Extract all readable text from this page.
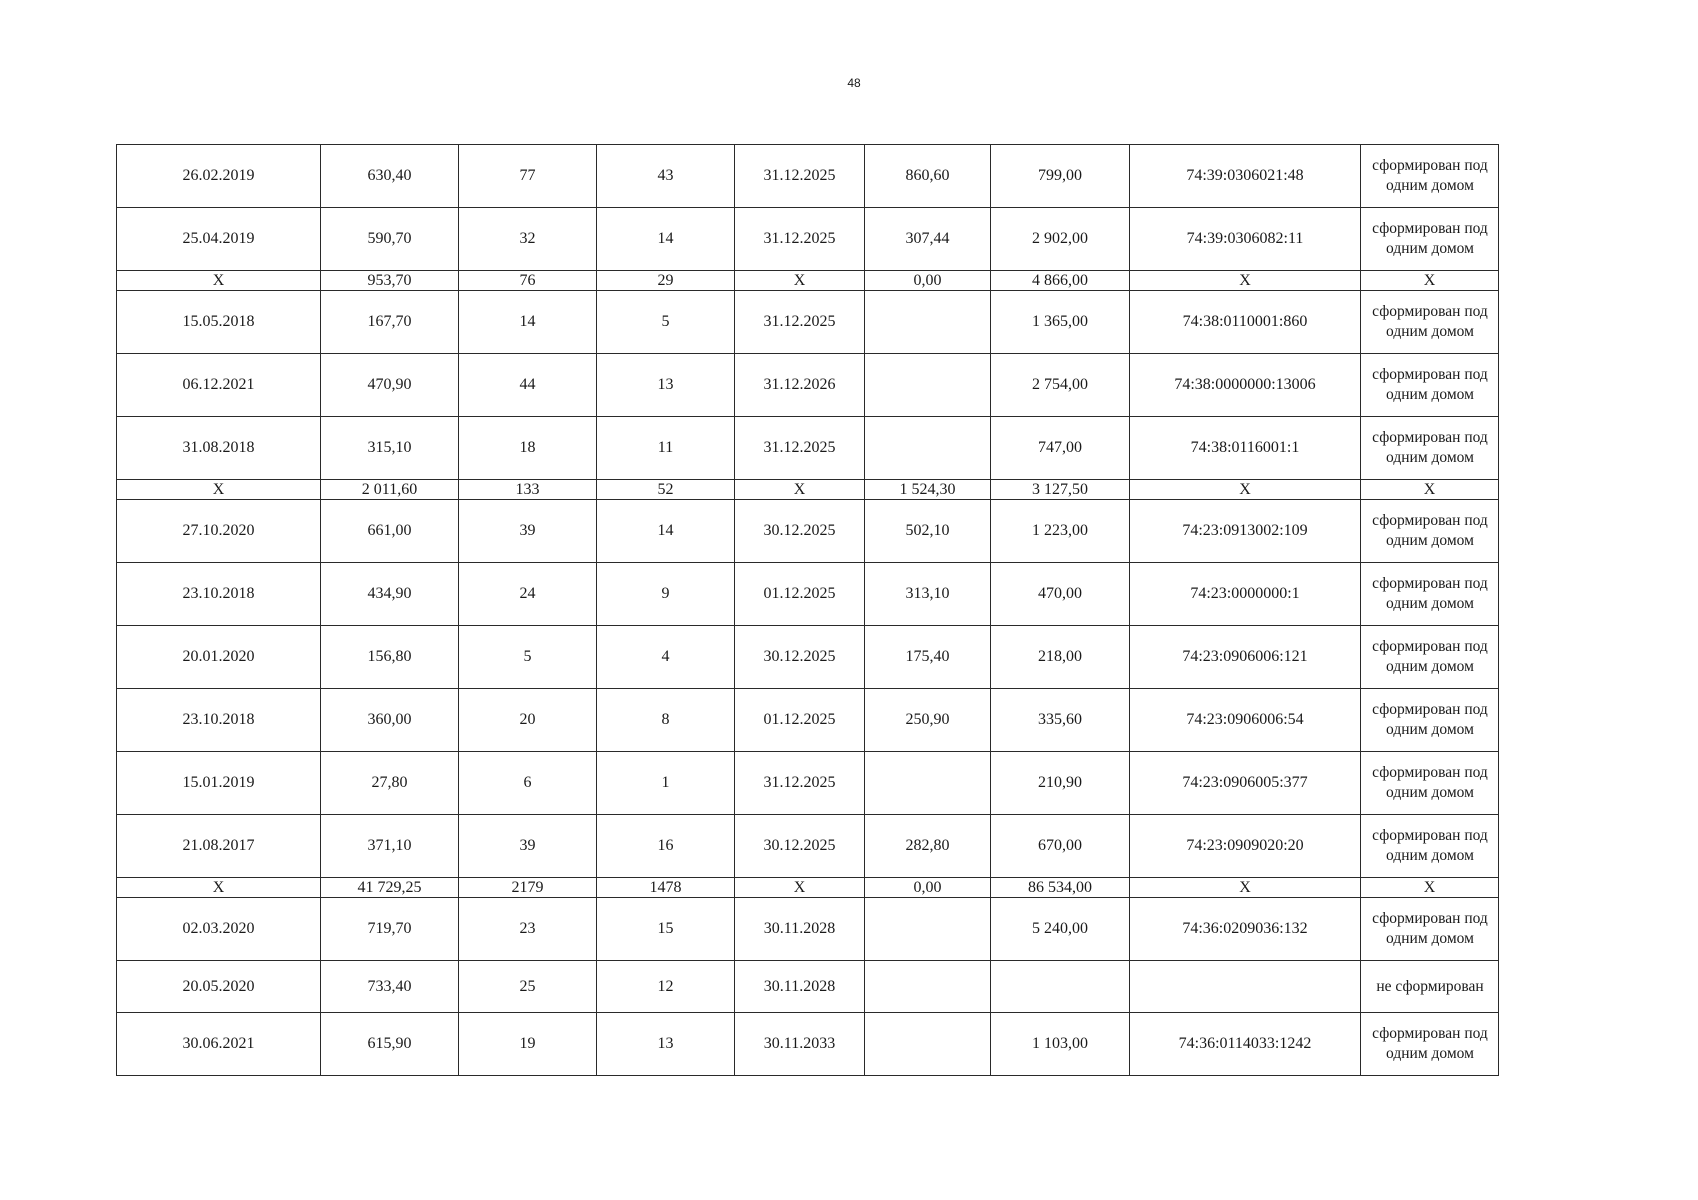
48
26.02.2019	630,40	77	43	31.12.2025	860,60	799,00	74:39:0306021:48	сформирован под одним домом
25.04.2019	590,70	32	14	31.12.2025	307,44	2 902,00	74:39:0306082:11	сформирован под одним домом
X	953,70	76	29	X	0,00	4 866,00	X	X
15.05.2018	167,70	14	5	31.12.2025		1 365,00	74:38:0110001:860	сформирован под одним домом
06.12.2021	470,90	44	13	31.12.2026		2 754,00	74:38:0000000:13006	сформирован под одним домом
31.08.2018	315,10	18	11	31.12.2025		747,00	74:38:0116001:1	сформирован под одним домом
X	2 011,60	133	52	X	1 524,30	3 127,50	X	X
27.10.2020	661,00	39	14	30.12.2025	502,10	1 223,00	74:23:0913002:109	сформирован под одним домом
23.10.2018	434,90	24	9	01.12.2025	313,10	470,00	74:23:0000000:1	сформирован под одним домом
20.01.2020	156,80	5	4	30.12.2025	175,40	218,00	74:23:0906006:121	сформирован под одним домом
23.10.2018	360,00	20	8	01.12.2025	250,90	335,60	74:23:0906006:54	сформирован под одним домом
15.01.2019	27,80	6	1	31.12.2025		210,90	74:23:0906005:377	сформирован под одним домом
21.08.2017	371,10	39	16	30.12.2025	282,80	670,00	74:23:0909020:20	сформирован под одним домом
X	41 729,25	2179	1478	X	0,00	86 534,00	X	X
02.03.2020	719,70	23	15	30.11.2028		5 240,00	74:36:0209036:132	сформирован под одним домом
20.05.2020	733,40	25	12	30.11.2028				не сформирован
30.06.2021	615,90	19	13	30.11.2033		1 103,00	74:36:0114033:1242	сформирован под одним домом
